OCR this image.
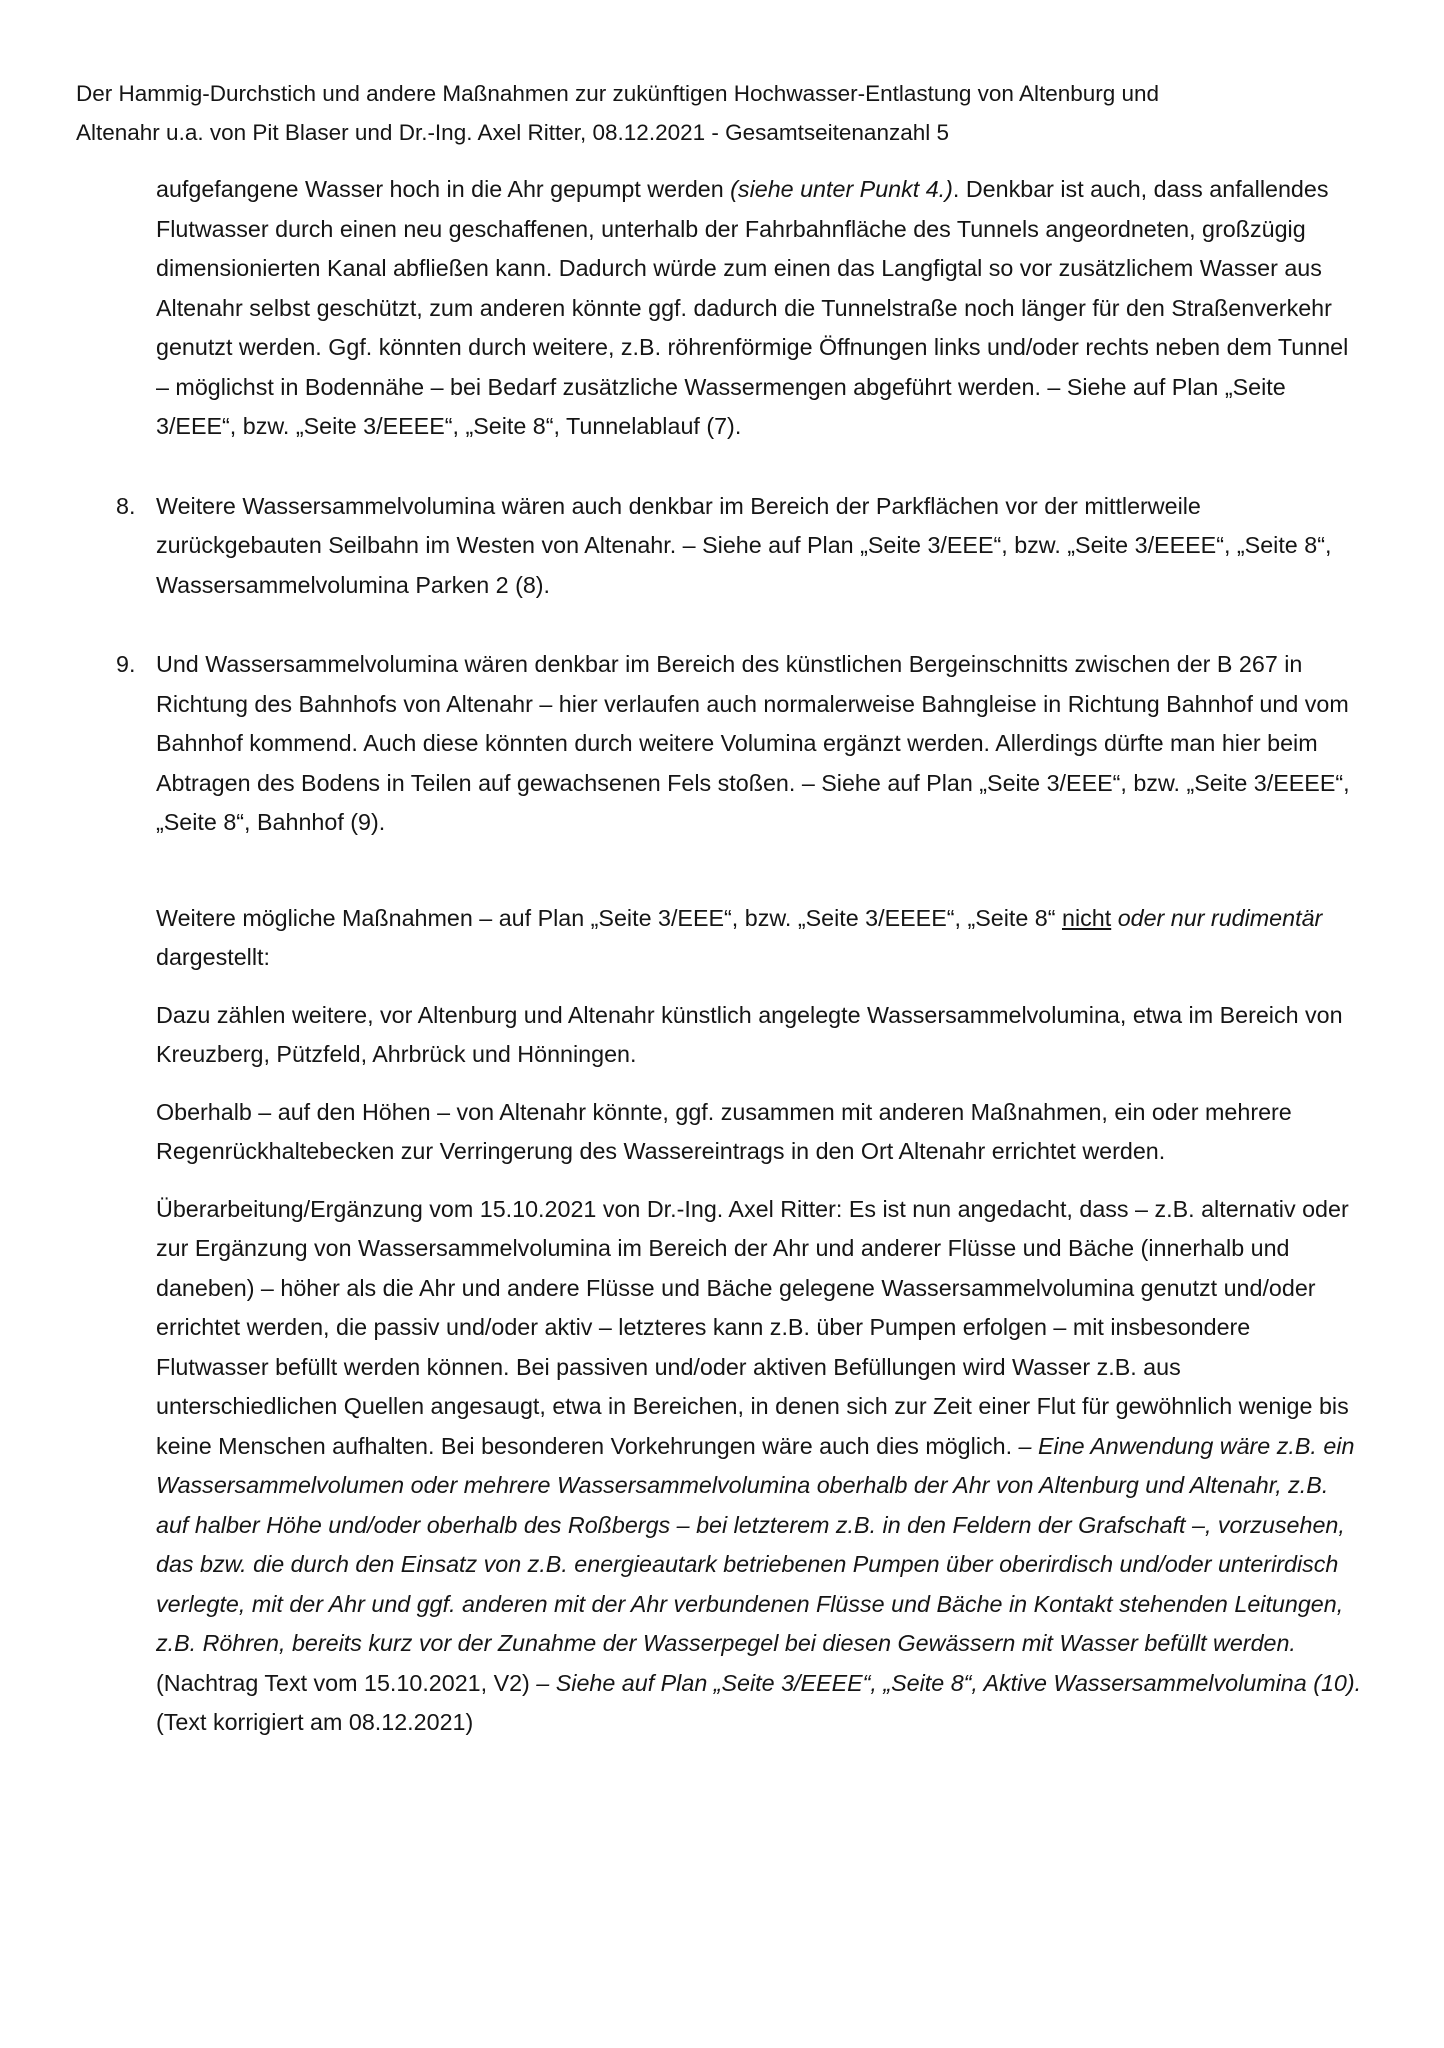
Der Hammig-Durchstich und andere Maßnahmen zur zukünftigen Hochwasser-Entlastung von Altenburg und

Altenahr u.a. von Pit Blaser und Dr.-Ing. Axel Ritter, 08.12.2021 - Gesamtseitenanzahl 5

aufgefangene Wasser hoch in die Ahr gepumpt werden (siehe unter Punkt 4.). Denkbar ist auch, dass anfallendes Flutwasser durch einen neu geschaffenen, unterhalb der Fahrbahnfläche des Tunnels angeordneten, großzügig dimensionierten Kanal abfließen kann. Dadurch würde zum einen das Langfigtal so vor zusätzlichem Wasser aus Altenahr selbst geschützt, zum anderen könnte ggf. dadurch die Tunnelstraße noch länger für den Straßenverkehr genutzt werden. Ggf. könnten durch weitere, z.B. röhrenförmige Öffnungen links und/oder rechts neben dem Tunnel – möglichst in Bodennähe – bei Bedarf zusätzliche Wassermengen abgeführt werden. – Siehe auf Plan „Seite 3/EEE“, bzw. „Seite 3/EEEE“, „Seite 8“, Tunnelablauf (7).

8. Weitere Wassersammelvolumina wären auch denkbar im Bereich der Parkflächen vor der mittlerweile zurückgebauten Seilbahn im Westen von Altenahr. – Siehe auf Plan „Seite 3/EEE“, bzw. „Seite 3/EEEE“, „Seite 8“, Wassersammelvolumina Parken 2 (8).

9. Und Wassersammelvolumina wären denkbar im Bereich des künstlichen Bergeinschnitts zwischen der B 267 in Richtung des Bahnhofs von Altenahr – hier verlaufen auch normalerweise Bahngleise in Richtung Bahnhof und vom Bahnhof kommend. Auch diese könnten durch weitere Volumina ergänzt werden. Allerdings dürfte man hier beim Abtragen des Bodens in Teilen auf gewachsenen Fels stoßen. – Siehe auf Plan „Seite 3/EEE“, bzw. „Seite 3/EEEE“, „Seite 8“, Bahnhof (9).

Weitere mögliche Maßnahmen – auf Plan „Seite 3/EEE“, bzw. „Seite 3/EEEE“, „Seite 8“ nicht oder nur rudimentär dargestellt:

Dazu zählen weitere, vor Altenburg und Altenahr künstlich angelegte Wassersammelvolumina, etwa im Bereich von Kreuzberg, Pützfeld, Ahrbrück und Hönningen.

Oberhalb – auf den Höhen – von Altenahr könnte, ggf. zusammen mit anderen Maßnahmen, ein oder mehrere Regenrückhaltebecken zur Verringerung des Wassereintrags in den Ort Altenahr errichtet werden.

Überarbeitung/Ergänzung vom 15.10.2021 von Dr.-Ing. Axel Ritter: Es ist nun angedacht, dass – z.B. alternativ oder zur Ergänzung von Wassersammelvolumina im Bereich der Ahr und anderer Flüsse und Bäche (innerhalb und daneben) – höher als die Ahr und andere Flüsse und Bäche gelegene Wassersammelvolumina genutzt und/oder errichtet werden, die passiv und/oder aktiv – letzteres kann z.B. über Pumpen erfolgen – mit insbesondere Flutwasser befüllt werden können. Bei passiven und/oder aktiven Befüllungen wird Wasser z.B. aus unterschiedlichen Quellen angesaugt, etwa in Bereichen, in denen sich zur Zeit einer Flut für gewöhnlich wenige bis keine Menschen aufhalten. Bei besonderen Vorkehrungen wäre auch dies möglich. – Eine Anwendung wäre z.B. ein Wassersammelvolumen oder mehrere Wassersammelvolumina oberhalb der Ahr von Altenburg und Altenahr, z.B. auf halber Höhe und/oder oberhalb des Roßbergs – bei letzterem z.B. in den Feldern der Grafschaft –, vorzusehen, das bzw. die durch den Einsatz von z.B. energieautark betriebenen Pumpen über oberirdisch und/oder unterirdisch verlegte, mit der Ahr und ggf. anderen mit der Ahr verbundenen Flüsse und Bäche in Kontakt stehenden Leitungen, z.B. Röhren, bereits kurz vor der Zunahme der Wasserpegel bei diesen Gewässern mit Wasser befüllt werden. (Nachtrag Text vom 15.10.2021, V2) – Siehe auf Plan „Seite 3/EEEE“, „Seite 8“, Aktive Wassersammelvolumina (10).
(Text korrigiert am 08.12.2021)
